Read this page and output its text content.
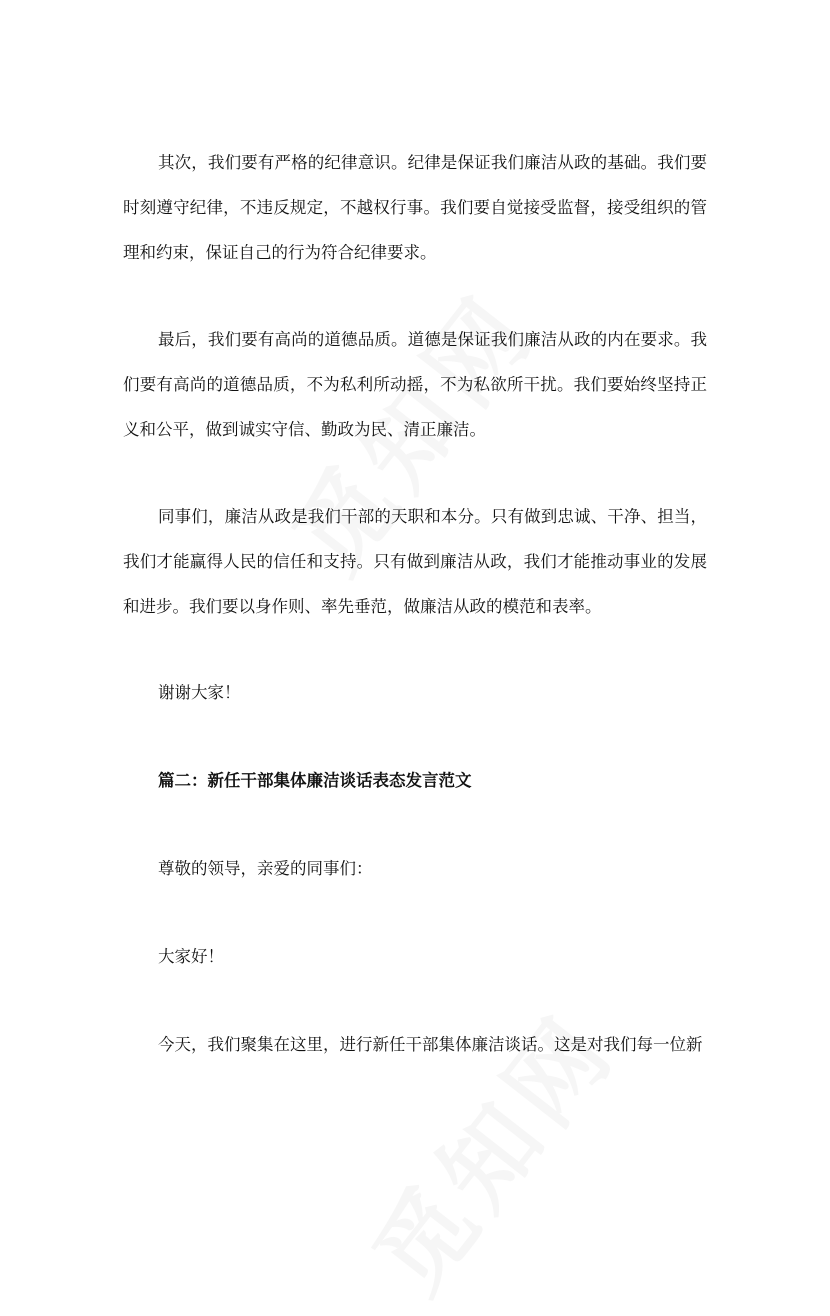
其次，我们要有严格的纪律意识。纪律是保证我们廉洁从政的基础。我们要时刻遵守纪律，不违反规定，不越权行事。我们要自觉接受监督，接受组织的管理和约束，保证自己的行为符合纪律要求。

最后，我们要有高尚的道德品质。道德是保证我们廉洁从政的内在要求。我们要有高尚的道德品质，不为私利所动摇，不为私欲所干扰。我们要始终坚持正义和公平，做到诚实守信、勤政为民、清正廉洁。

同事们，廉洁从政是我们干部的天职和本分。只有做到忠诚、干净、担当，我们才能赢得人民的信任和支持。只有做到廉洁从政，我们才能推动事业的发展和进步。我们要以身作则、率先垂范，做廉洁从政的模范和表率。

谢谢大家！

篇二：新任干部集体廉洁谈话表态发言范文

尊敬的领导，亲爱的同事们：

大家好！

今天，我们聚集在这里，进行新任干部集体廉洁谈话。这是对我们每一位新
